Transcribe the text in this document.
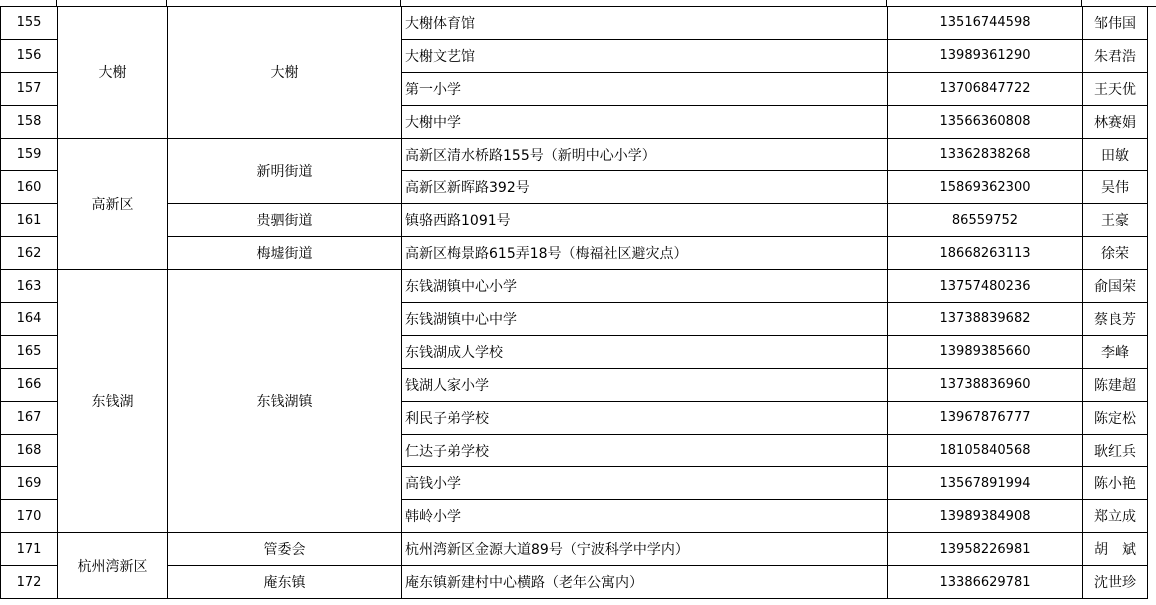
155	大榭	大榭	大榭体育馆	13516744598	邹伟国
156			大榭文艺馆	13989361290	朱君浩
157			第一小学	13706847722	王天优
158			大榭中学	13566360808	林赛娟
159	高新区	新明街道	高新区清水桥路155号（新明中心小学）	13362838268	田敏
160			高新区新晖路392号	15869362300	吴伟
161		贵驷街道	镇骆西路1091号	86559752	王豪
162		梅墟街道	高新区梅景路615弄18号（梅福社区避灾点）	18668263113	徐荣
163	东钱湖	东钱湖镇	东钱湖镇中心小学	13757480236	俞国荣
164			东钱湖镇中心中学	13738839682	蔡良芳
165			东钱湖成人学校	13989385660	李峰
166			钱湖人家小学	13738836960	陈建超
167			利民子弟学校	13967876777	陈定松
168			仁达子弟学校	18105840568	耿红兵
169			高钱小学	13567891994	陈小艳
170			韩岭小学	13989384908	郑立成
171	杭州湾新区	管委会	杭州湾新区金源大道89号（宁波科学中学内）	13958226981	胡　斌
172		庵东镇	庵东镇新建村中心横路（老年公寓内）	13386629781	沈世珍
